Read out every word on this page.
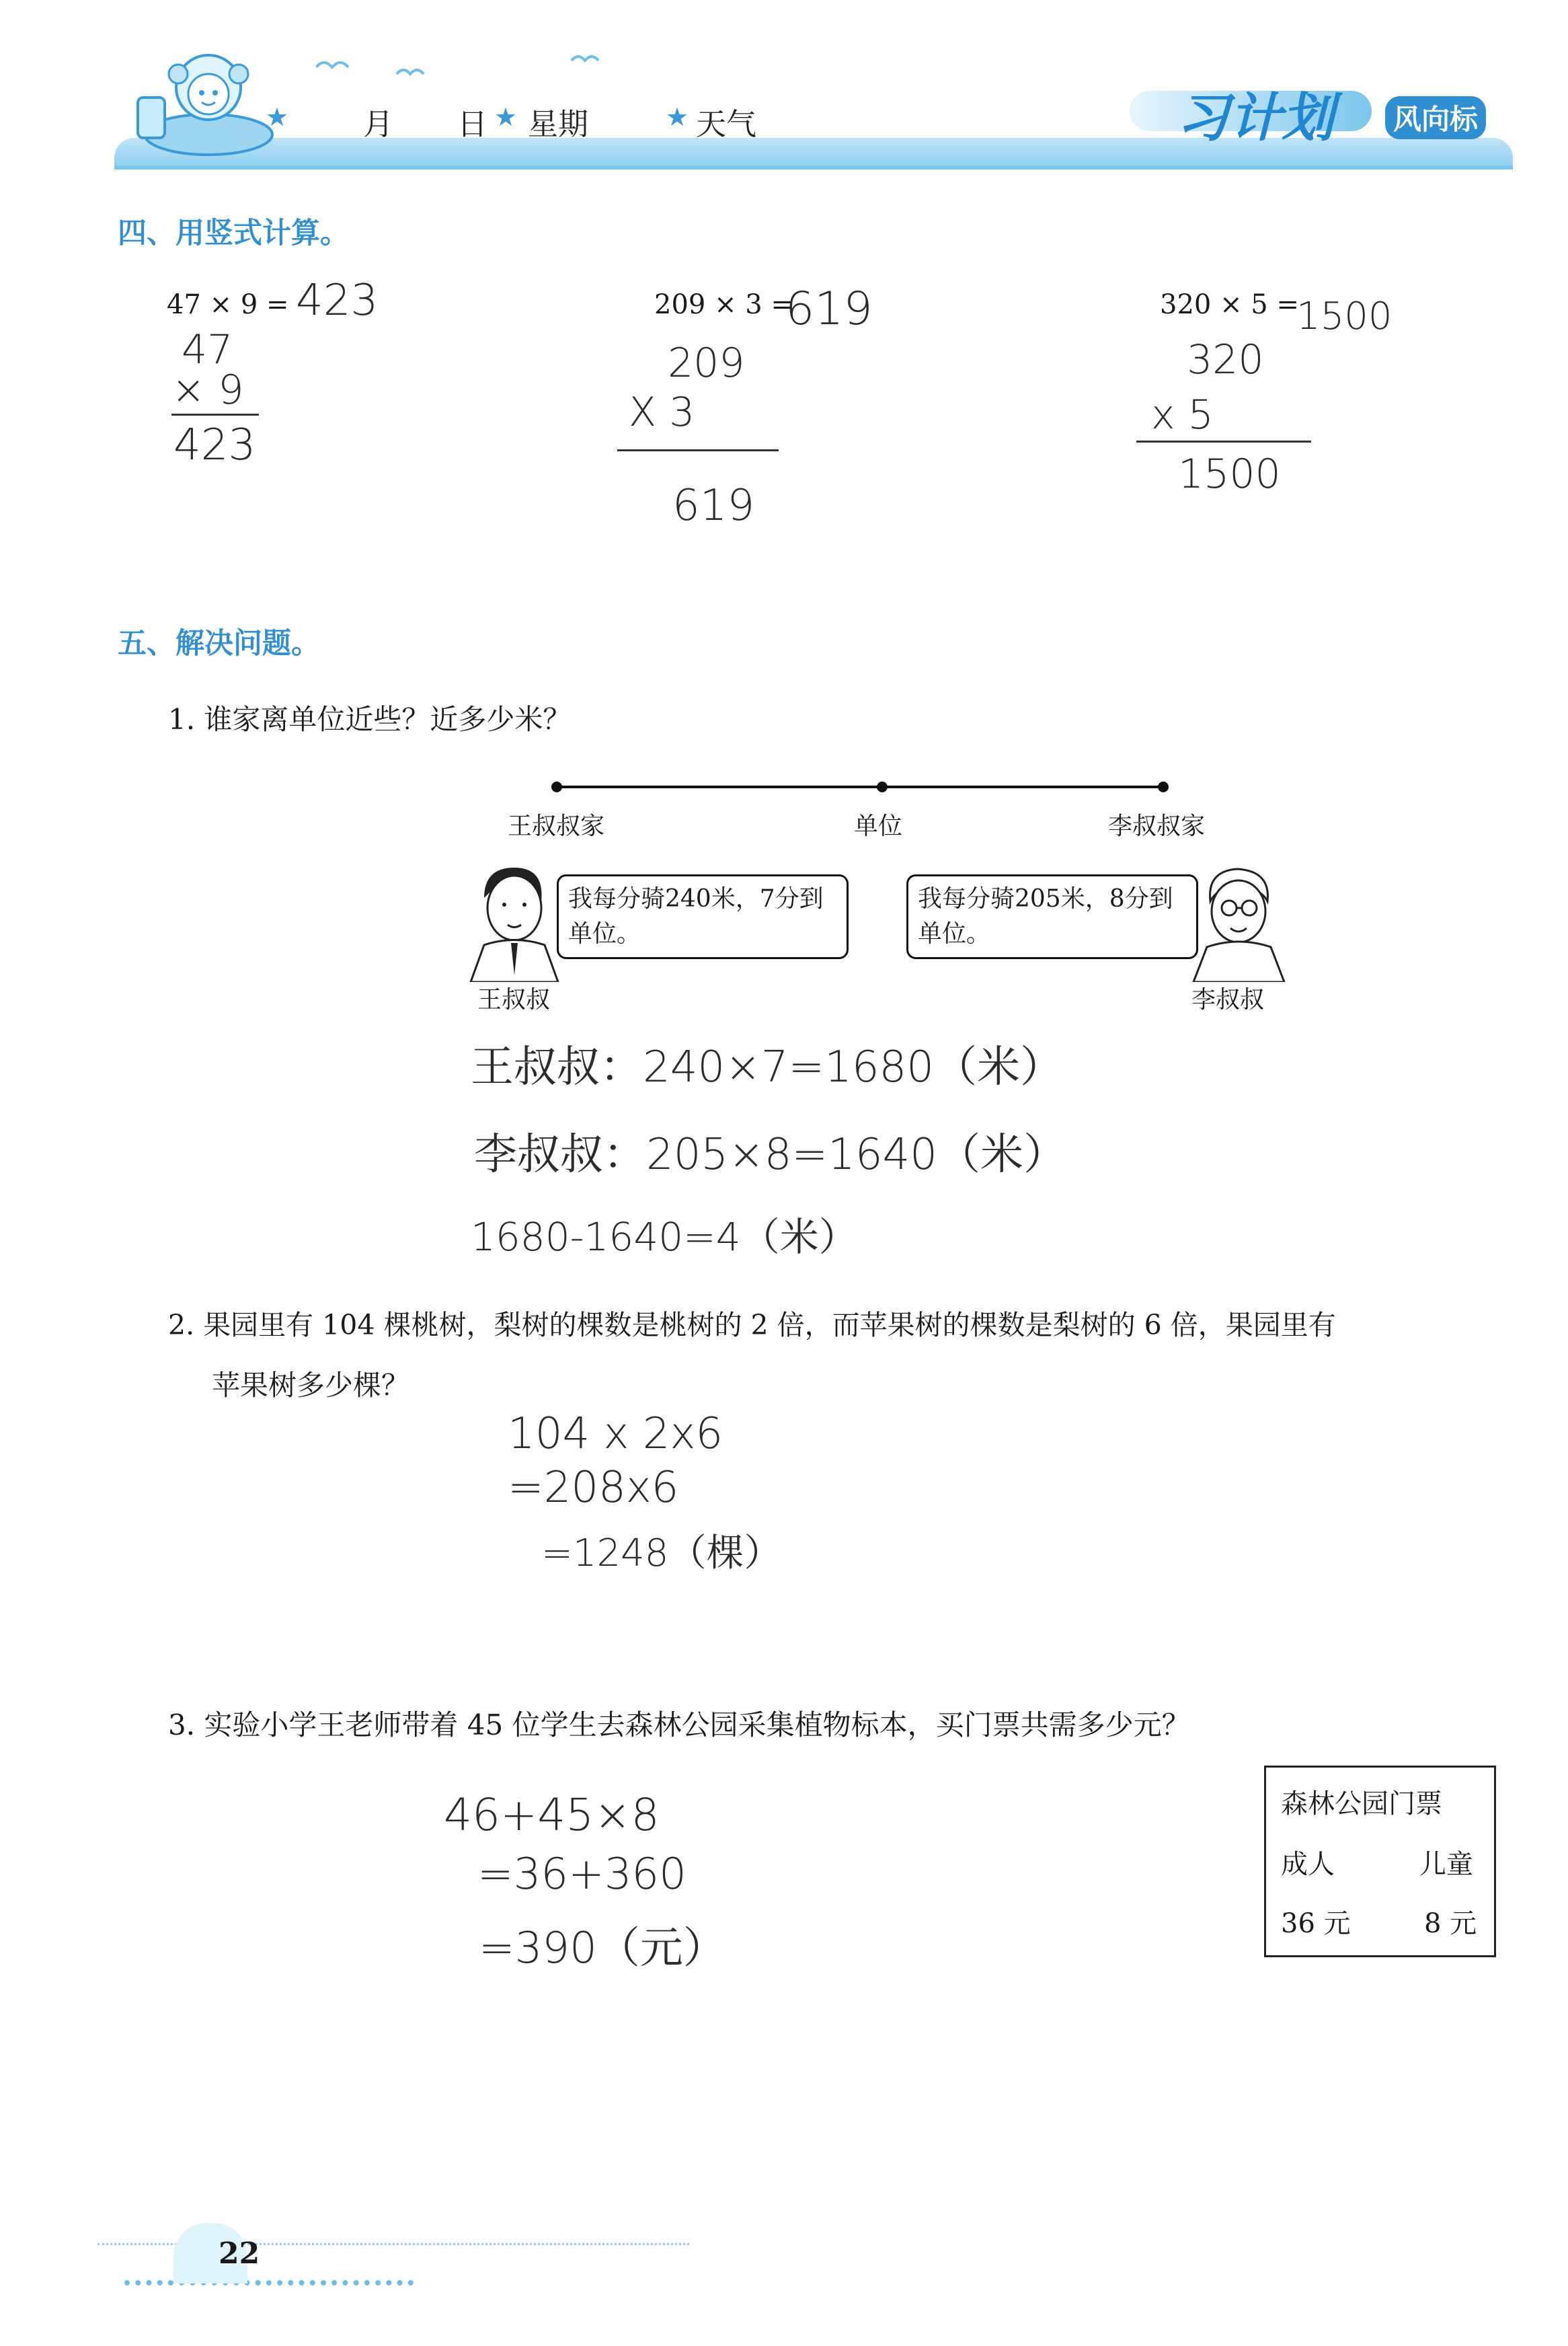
★ 月 日 ★ 星期	★ 天气	习计划 风向标
四、用竖式计算。
47 × 9 = 423
47
× 9
423
209 × 3 =
619
209
X 3
619
320 × 5 =
1500
320
x 5
1500
五、解决问题。
1. 谁家离单位近些？近多少米？
王叔叔家	单位	李叔叔家
我每分骑240米，7分到单位。
王叔叔
我每分骑205米，8分到单位。
李叔叔
王叔叔：240×7=1680（米）
李叔叔：205×8=1640（米）
1680-1640=4（米）
2. 果园里有 104 棵桃树，梨树的棵数是桃树的 2 倍，而苹果树的棵数是梨树的 6 倍，果园里有
苹果树多少棵？
104 x 2x6
=208x6
=1248（棵）
3. 实验小学王老师带着 45 位学生去森林公园采集植物标本，买门票共需多少元？
46+45×8
=36+360
=390（元）
森林公园门票
成人	儿童
36 元	8 元
22
